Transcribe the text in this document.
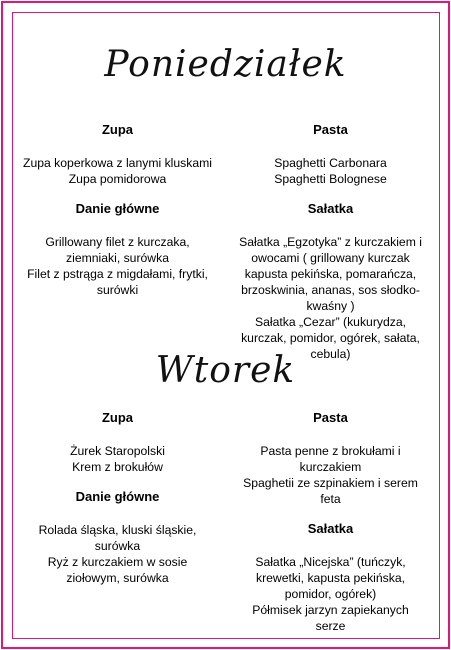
Poniedziałek
Zupa
Zupa koperkowa z lanymi kluskami
Zupa pomidorowa
Danie główne
Grillowany filet z kurczaka,
ziemniaki, surówka
Filet z pstrąga z migdałami, frytki,
surówki
Pasta
Spaghetti Carbonara
Spaghetti Bolognese
Sałatka
Sałatka „Egzotyka” z kurczakiem i
owocami ( grillowany kurczak
kapusta pekińska, pomarańcza,
brzoskwinia, ananas, sos słodko-
kwaśny )
Sałatka „Cezar” (kukurydza,
kurczak, pomidor, ogórek, sałata,
cebula)
Wtorek
Zupa
Żurek Staropolski
Krem z brokułów
Danie główne
Rolada śląska, kluski śląskie,
surówka
Ryż z kurczakiem w sosie
ziołowym, surówka
Pasta
Pasta penne z brokułami i
kurczakiem
Spaghetii ze szpinakiem i serem
feta
Sałatka
Sałatka „Nicejska” (tuńczyk,
krewetki, kapusta pekińska,
pomidor, ogórek)
Półmisek jarzyn zapiekanych
serze
